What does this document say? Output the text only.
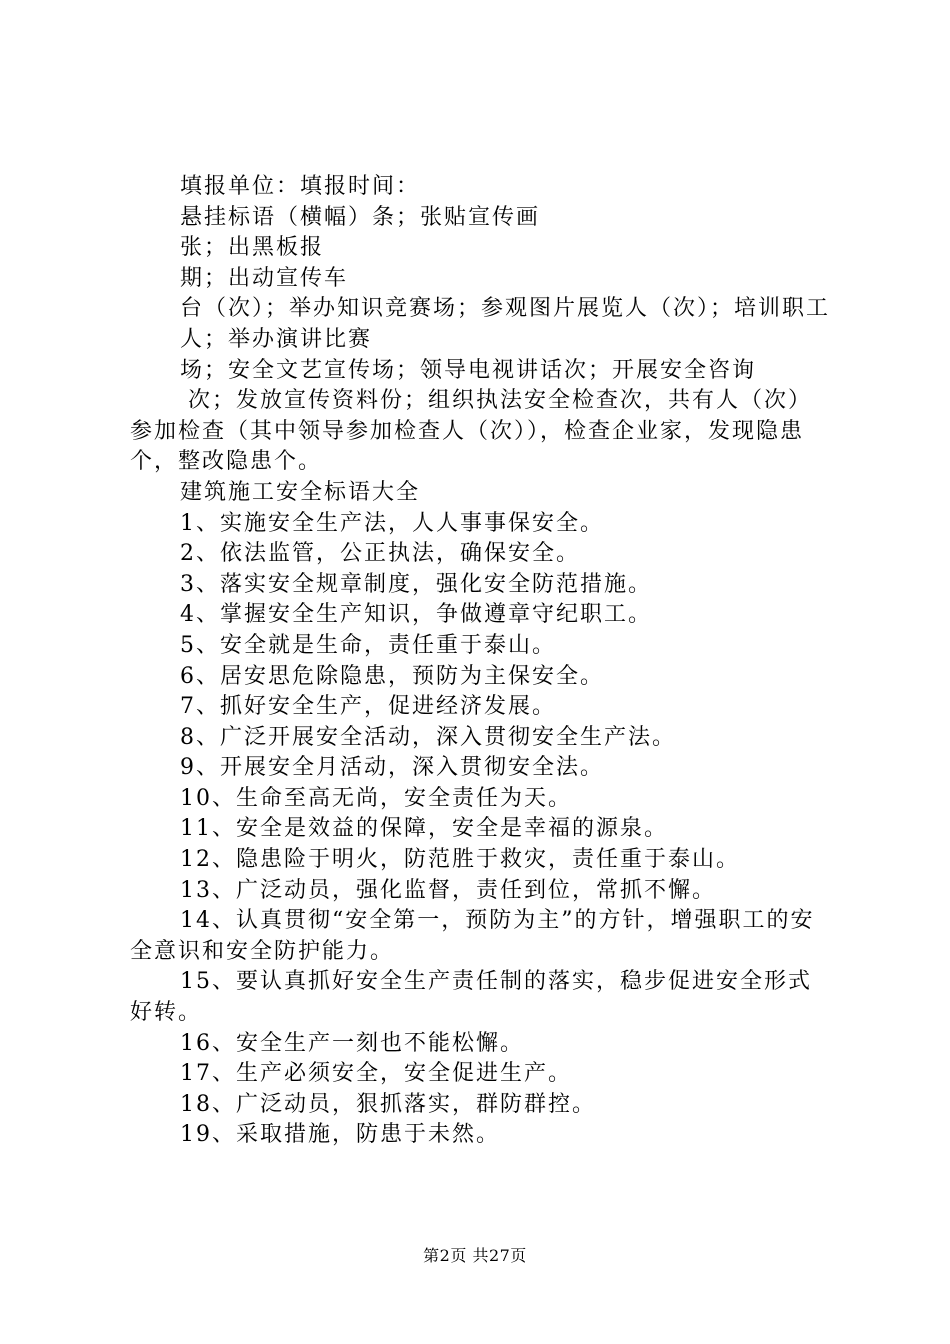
填报单位：填报时间：

悬挂标语（横幅）条；张贴宣传画

张；出黑板报

期；出动宣传车

台（次）；举办知识竞赛场；参观图片展览人（次）；培训职工

人；举办演讲比赛

场；安全文艺宣传场；领导电视讲话次；开展安全咨询

次；发放宣传资料份；组织执法安全检查次，共有人（次）参加检查（其中领导参加检查人（次）），检查企业家，发现隐患个，整改隐患个。

建筑施工安全标语大全

1、实施安全生产法，人人事事保安全。

2、依法监管，公正执法，确保安全。

3、落实安全规章制度，强化安全防范措施。

4、掌握安全生产知识，争做遵章守纪职工。

5、安全就是生命，责任重于泰山。

6、居安思危除隐患，预防为主保安全。

7、抓好安全生产，促进经济发展。

8、广泛开展安全活动，深入贯彻安全生产法。

9、开展安全月活动，深入贯彻安全法。

10、生命至高无尚，安全责任为天。

11、安全是效益的保障，安全是幸福的源泉。

12、隐患险于明火，防范胜于救灾，责任重于泰山。

13、广泛动员，强化监督，责任到位，常抓不懈。

14、认真贯彻“安全第一，预防为主”的方针，增强职工的安全意识和安全防护能力。

15、要认真抓好安全生产责任制的落实，稳步促进安全形式好转。

16、安全生产一刻也不能松懈。

17、生产必须安全，安全促进生产。

18、广泛动员，狠抓落实，群防群控。

19、采取措施，防患于未然。

第2页 共27页
